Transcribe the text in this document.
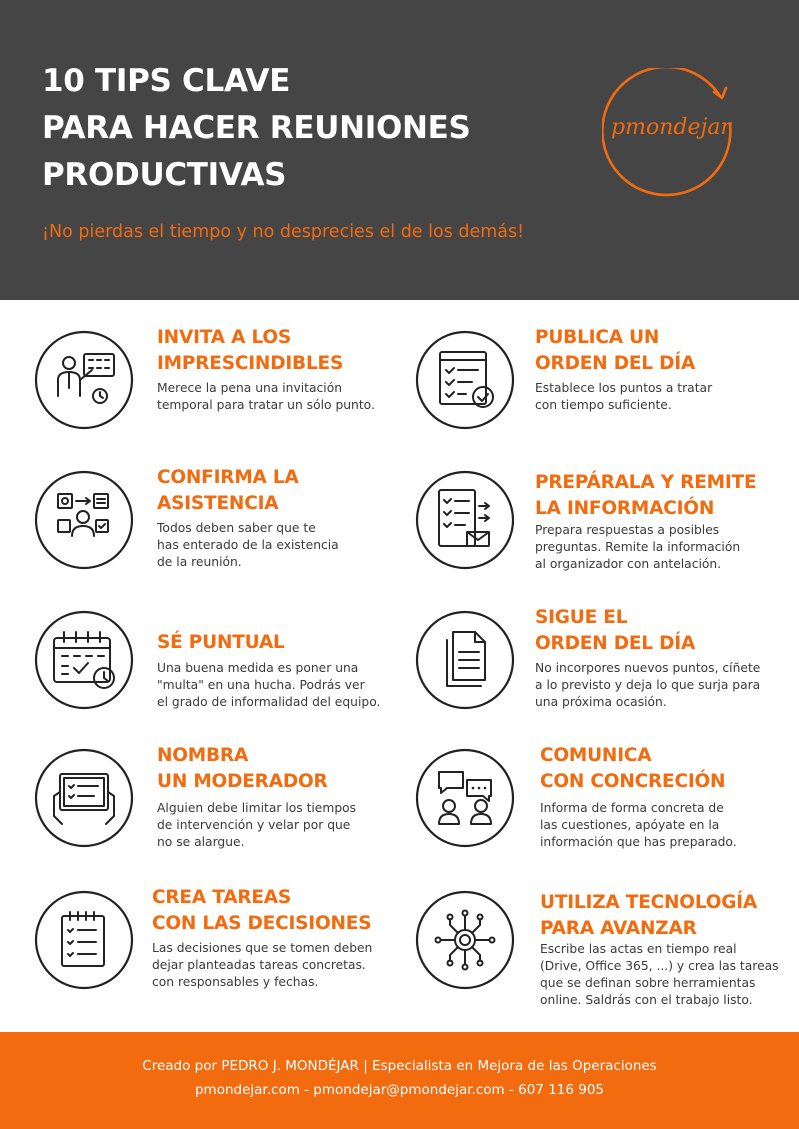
10 TIPS CLAVE
PARA HACER REUNIONES
PRODUCTIVAS
¡No pierdas el tiempo y no desprecies el de los demás!
pmondejar
INVITA A LOS
IMPRESCINDIBLES
Merece la pena una invitación
temporal para tratar un sólo punto.
PUBLICA UN
ORDEN DEL DÍA
Establece los puntos a tratar
con tiempo suficiente.
CONFIRMA LA
ASISTENCIA
Todos deben saber que te
has enterado de la existencia
de la reunión.
PREPÁRALA Y REMITE
LA INFORMACIÓN
Prepara respuestas a posibles
preguntas. Remite la información
al organizador con antelación.
SÉ PUNTUAL
Una buena medida es poner una
"multa" en una hucha. Podrás ver
el grado de informalidad del equipo.
SIGUE EL
ORDEN DEL DÍA
No incorpores nuevos puntos, cíñete
a lo previsto y deja lo que surja para
una próxima ocasión.
NOMBRA
UN MODERADOR
Alguien debe limitar los tiempos
de intervención y velar por que
no se alargue.
COMUNICA
CON CONCRECIÓN
Informa de forma concreta de
las cuestiones, apóyate en la
información que has preparado.
CREA TAREAS
CON LAS DECISIONES
Las decisiones que se tomen deben
dejar planteadas tareas concretas.
con responsables y fechas.
UTILIZA TECNOLOGÍA
PARA AVANZAR
Escribe las actas en tiempo real
(Drive, Office 365, ...) y crea las tareas
que se definan sobre herramientas
online. Saldrás con el trabajo listo.
Creado por PEDRO J. MONDÉJAR | Especialista en Mejora de las Operaciones
pmondejar.com - pmondejar@pmondejar.com - 607 116 905
